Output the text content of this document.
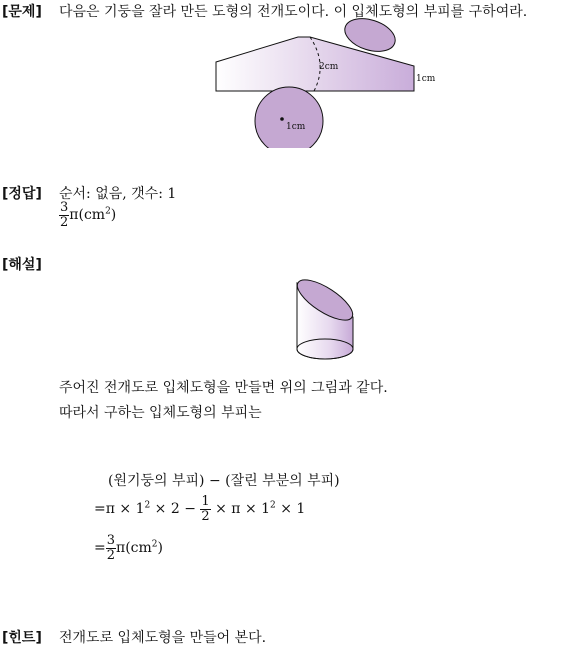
[문제] 다음은 기둥을 잘라 만든 도형의 전개도이다. 이 입체도형의 부피를 구하여라.
2cm
1cm
1cm
[정답] 순서: 없음, 갯수: 1
$\frac{3}{2} \pi(cm^2)$
[해설]
주어진 전개도로 입체도형을 만들면 위의 그림과 같다.
따라서 구하는 입체도형의 부피는
(원기둥의 부피) − (잘린 부분의 부피)
$=\pi \times 1^2 \times 2 - \frac{1}{2} \times \pi \times 1^2 \times 1$
= $\frac{3}{2} \pi(cm^2)$
[힌트] 전개도로 입체도형을 만들어 본다.
